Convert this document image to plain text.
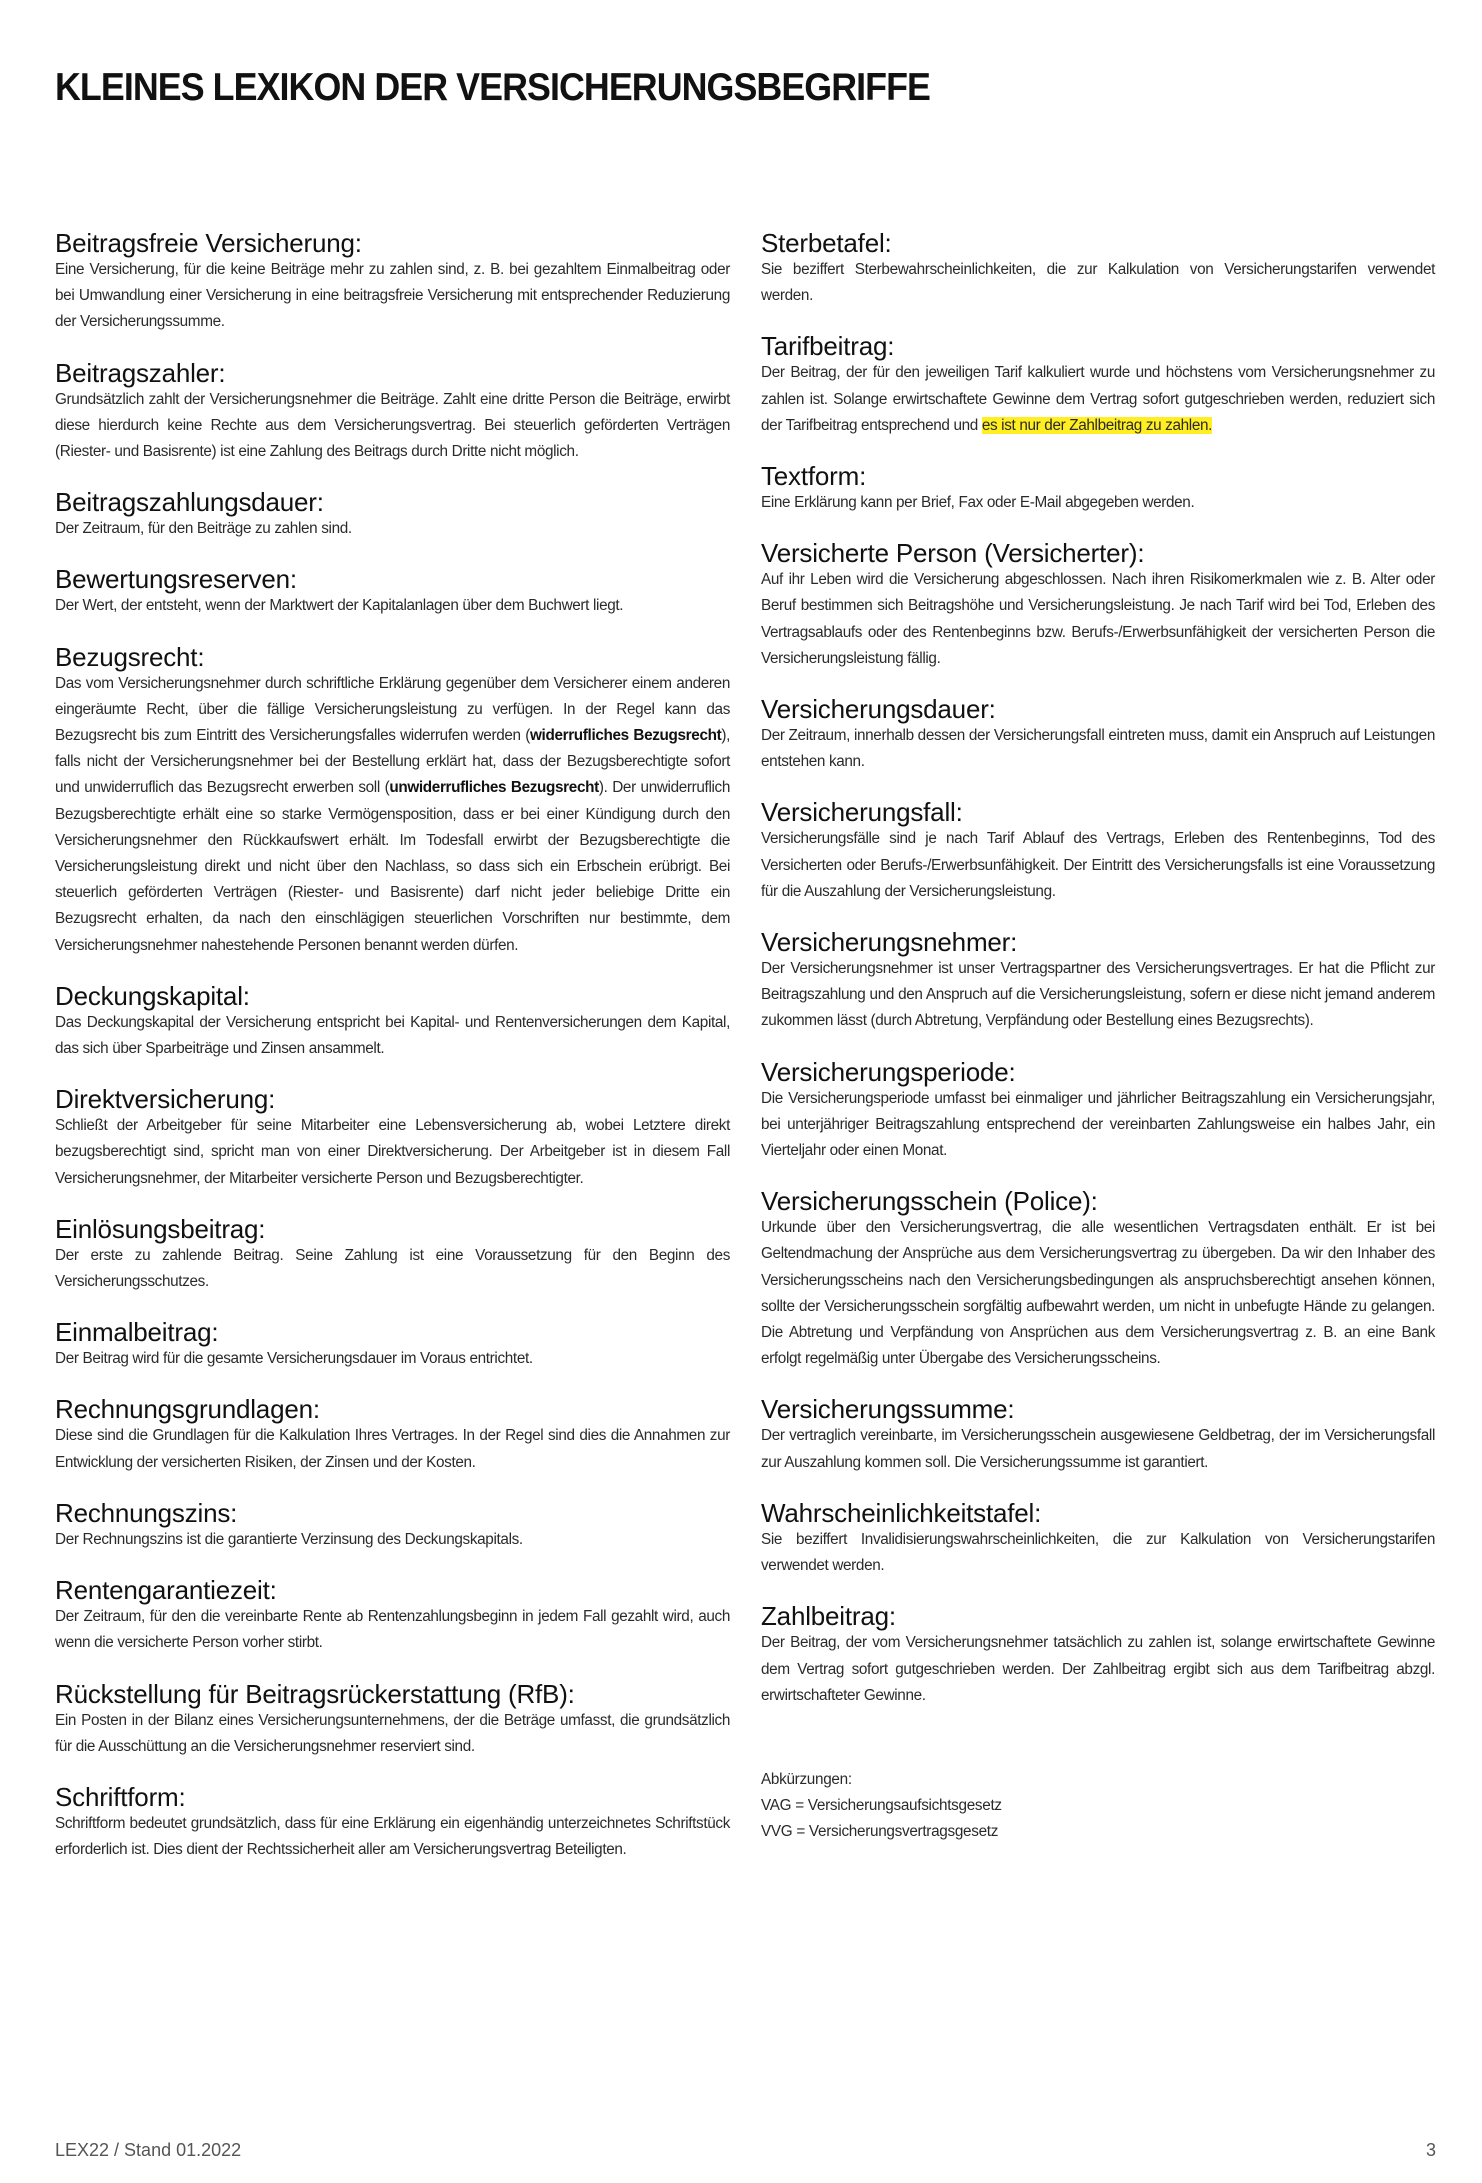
KLEINES LEXIKON DER VERSICHERUNGSBEGRIFFE
Beitragsfreie Versicherung:

Eine Versicherung, für die keine Beiträge mehr zu zahlen sind, z. B. bei gezahltem Einmalbeitrag oder bei Umwandlung einer Versicherung in eine beitragsfreie Versicherung mit entsprechender Reduzierung der Versicherungssumme.

Beitragszahler:

Grundsätzlich zahlt der Versicherungsnehmer die Beiträge. Zahlt eine dritte Person die Beiträge, erwirbt diese hierdurch keine Rechte aus dem Versicherungsvertrag. Bei steuerlich geförderten Verträgen (Riester- und Basisrente) ist eine Zahlung des Beitrags durch Dritte nicht möglich.

Beitragszahlungsdauer:

Der Zeitraum, für den Beiträge zu zahlen sind.

Bewertungsreserven:

Der Wert, der entsteht, wenn der Marktwert der Kapitalanlagen über dem Buchwert liegt.

Bezugsrecht:

Das vom Versicherungsnehmer durch schriftliche Erklärung gegenüber dem Versicherer einem anderen eingeräumte Recht, über die fällige Versicherungsleistung zu verfügen. In der Regel kann das Bezugsrecht bis zum Eintritt des Versicherungsfalles widerrufen werden (widerrufliches Bezugsrecht), falls nicht der Versicherungsnehmer bei der Bestellung erklärt hat, dass der Bezugsberechtigte sofort und unwiderruflich das Bezugsrecht erwerben soll (unwiderrufliches Bezugsrecht). Der unwiderruflich Bezugsberechtigte erhält eine so starke Vermögensposition, dass er bei einer Kündigung durch den Versicherungsnehmer den Rückkaufswert erhält. Im Todesfall erwirbt der Bezugsberechtigte die Versicherungsleistung direkt und nicht über den Nachlass, so dass sich ein Erbschein erübrigt. Bei steuerlich geförderten Verträgen (Riester- und Basisrente) darf nicht jeder beliebige Dritte ein Bezugsrecht erhalten, da nach den einschlägigen steuerlichen Vorschriften nur bestimmte, dem Versicherungsnehmer nahestehende Personen benannt werden dürfen.

Deckungskapital:

Das Deckungskapital der Versicherung entspricht bei Kapital- und Rentenversicherungen dem Kapital, das sich über Sparbeiträge und Zinsen ansammelt.

Direktversicherung:

Schließt der Arbeitgeber für seine Mitarbeiter eine Lebensversicherung ab, wobei Letztere direkt bezugsberechtigt sind, spricht man von einer Direktversicherung. Der Arbeitgeber ist in diesem Fall Versicherungsnehmer, der Mitarbeiter versicherte Person und Bezugsberechtigter.

Einlösungsbeitrag:

Der erste zu zahlende Beitrag. Seine Zahlung ist eine Voraussetzung für den Beginn des Versicherungsschutzes.

Einmalbeitrag:

Der Beitrag wird für die gesamte Versicherungsdauer im Voraus entrichtet.

Rechnungsgrundlagen:

Diese sind die Grundlagen für die Kalkulation Ihres Vertrages. In der Regel sind dies die Annahmen zur Entwicklung der versicherten Risiken, der Zinsen und der Kosten.

Rechnungszins:

Der Rechnungszins ist die garantierte Verzinsung des Deckungskapitals.

Rentengarantiezeit:

Der Zeitraum, für den die vereinbarte Rente ab Rentenzahlungsbeginn in jedem Fall gezahlt wird, auch wenn die versicherte Person vorher stirbt.

Rückstellung für Beitragsrückerstattung (RfB):

Ein Posten in der Bilanz eines Versicherungsunternehmens, der die Beträge umfasst, die grundsätzlich für die Ausschüttung an die Versicherungsnehmer reserviert sind.

Schriftform:

Schriftform bedeutet grundsätzlich, dass für eine Erklärung ein eigenhändig unterzeichnetes Schriftstück erforderlich ist. Dies dient der Rechtssicherheit aller am Versicherungsvertrag Beteiligten.

Sterbetafel:

Sie beziffert Sterbewahrscheinlichkeiten, die zur Kalkulation von Versicherungstarifen verwendet werden.

Tarifbeitrag:

Der Beitrag, der für den jeweiligen Tarif kalkuliert wurde und höchstens vom Versicherungsnehmer zu zahlen ist. Solange erwirtschaftete Gewinne dem Vertrag sofort gutgeschrieben werden, reduziert sich der Tarifbeitrag entsprechend und es ist nur der Zahlbeitrag zu zahlen.

Textform:

Eine Erklärung kann per Brief, Fax oder E-Mail abgegeben werden.

Versicherte Person (Versicherter):

Auf ihr Leben wird die Versicherung abgeschlossen. Nach ihren Risikomerkmalen wie z. B. Alter oder Beruf bestimmen sich Beitragshöhe und Versicherungsleistung. Je nach Tarif wird bei Tod, Erleben des Vertragsablaufs oder des Rentenbeginns bzw. Berufs-/Erwerbsunfähigkeit der versicherten Person die Versicherungsleistung fällig.

Versicherungsdauer:

Der Zeitraum, innerhalb dessen der Versicherungsfall eintreten muss, damit ein Anspruch auf Leistungen entstehen kann.

Versicherungsfall:

Versicherungsfälle sind je nach Tarif Ablauf des Vertrags, Erleben des Rentenbeginns, Tod des Versicherten oder Berufs-/Erwerbsunfähigkeit. Der Eintritt des Versicherungsfalls ist eine Voraussetzung für die Auszahlung der Versicherungsleistung.

Versicherungsnehmer:

Der Versicherungsnehmer ist unser Vertragspartner des Versicherungsvertrages. Er hat die Pflicht zur Beitragszahlung und den Anspruch auf die Versicherungsleistung, sofern er diese nicht jemand anderem zukommen lässt (durch Abtretung, Verpfändung oder Bestellung eines Bezugsrechts).

Versicherungsperiode:

Die Versicherungsperiode umfasst bei einmaliger und jährlicher Beitragszahlung ein Versicherungsjahr, bei unterjähriger Beitragszahlung entsprechend der vereinbarten Zahlungsweise ein halbes Jahr, ein Vierteljahr oder einen Monat.

Versicherungsschein (Police):

Urkunde über den Versicherungsvertrag, die alle wesentlichen Vertragsdaten enthält. Er ist bei Geltendmachung der Ansprüche aus dem Versicherungsvertrag zu übergeben. Da wir den Inhaber des Versicherungsscheins nach den Versicherungsbedingungen als anspruchsberechtigt ansehen können, sollte der Versicherungsschein sorgfältig aufbewahrt werden, um nicht in unbefugte Hände zu gelangen. Die Abtretung und Verpfändung von Ansprüchen aus dem Versicherungsvertrag z. B. an eine Bank erfolgt regelmäßig unter Übergabe des Versicherungsscheins.

Versicherungssumme:

Der vertraglich vereinbarte, im Versicherungsschein ausgewiesene Geldbetrag, der im Versicherungsfall zur Auszahlung kommen soll. Die Versicherungssumme ist garantiert.

Wahrscheinlichkeitstafel:

Sie beziffert Invalidisierungswahrscheinlichkeiten, die zur Kalkulation von Versicherungstarifen verwendet werden.

Zahlbeitrag:

Der Beitrag, der vom Versicherungsnehmer tatsächlich zu zahlen ist, solange erwirtschaftete Gewinne dem Vertrag sofort gutgeschrieben werden. Der Zahlbeitrag ergibt sich aus dem Tarifbeitrag abzgl. erwirtschafteter Gewinne.

Abkürzungen:
VAG = Versicherungsaufsichtsgesetz
VVG = Versicherungsvertragsgesetz
LEX22 / Stand 01.2022	3
